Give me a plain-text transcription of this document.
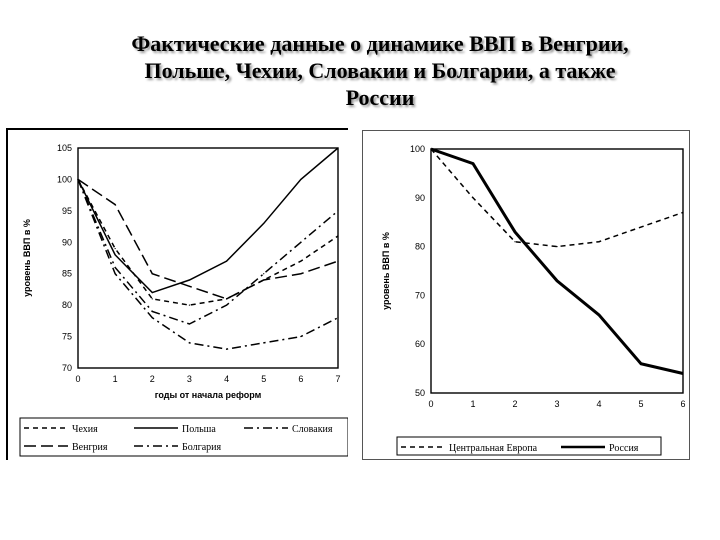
Фактические данные о динамике ВВП в Венгрии,
Польше, Чехии, Словакии и Болгарии, а также
России
105
100
95
90
85
80
75
70
0	1	2	3	4	5	6	7
уровень ВВП в %
годы от начала реформ
Чехия	Польша	Словакия
Венгрия	Болгария
100
90
80
70
60
50
0	1	2	3	4	5	6
уровень ВВП в %
Центральная Европа	Россия
